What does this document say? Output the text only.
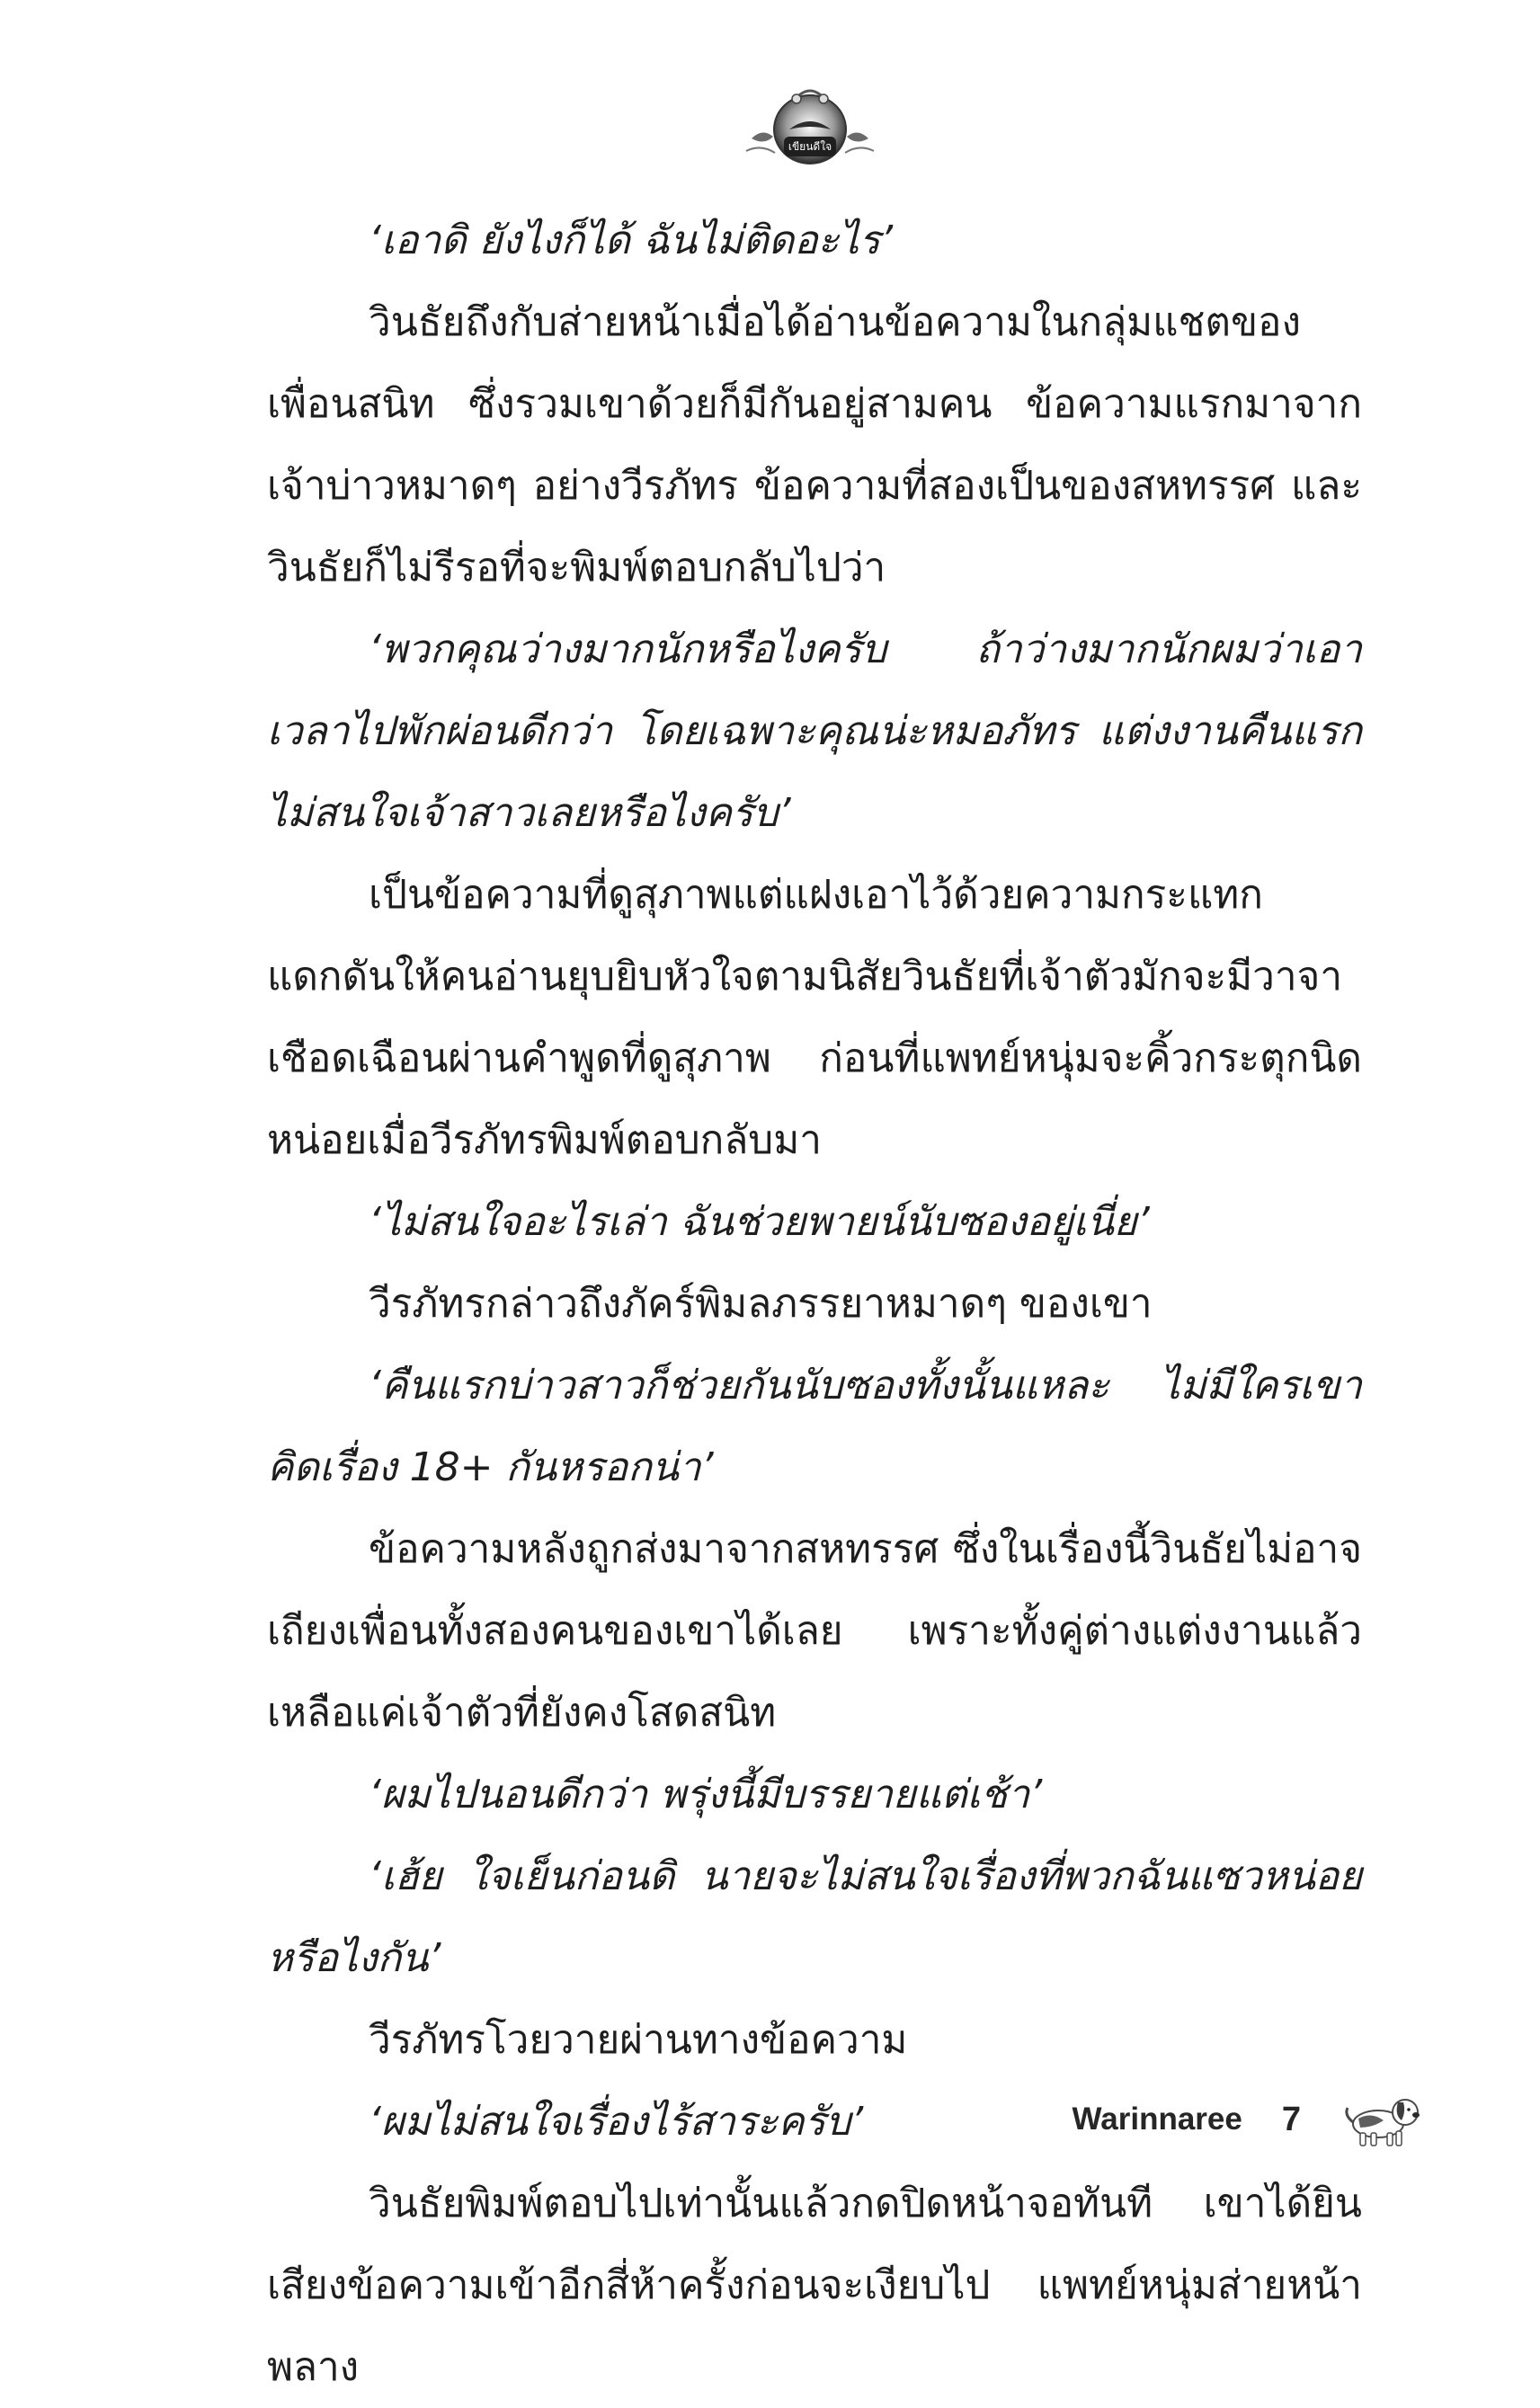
เขียนดีใจ

‘เอาดิ ยังไงก็ได้ ฉันไม่ติดอะไร’

วินธัยถึงกับส่ายหน้าเมื่อได้อ่านข้อความในกลุ่มแชตของเพื่อนสนิท ซึ่งรวมเขาด้วยก็มีกันอยู่สามคน ข้อความแรกมาจากเจ้าบ่าวหมาดๆ อย่างวีรภัทร ข้อความที่สองเป็นของสหทรรศ และวินธัยก็ไม่รีรอที่จะพิมพ์ตอบกลับไปว่า

‘พวกคุณว่างมากนักหรือไงครับ ถ้าว่างมากนักผมว่าเอาเวลาไปพักผ่อนดีกว่า โดยเฉพาะคุณน่ะหมอภัทร แต่งงานคืนแรกไม่สนใจเจ้าสาวเลยหรือไงครับ’

เป็นข้อความที่ดูสุภาพแต่แฝงเอาไว้ด้วยความกระแทกแดกดันให้คนอ่านยุบยิบหัวใจตามนิสัยวินธัยที่เจ้าตัวมักจะมีวาจาเชือดเฉือนผ่านคำพูดที่ดูสุภาพ ก่อนที่แพทย์หนุ่มจะคิ้วกระตุกนิดหน่อยเมื่อวีรภัทรพิมพ์ตอบกลับมา

‘ไม่สนใจอะไรเล่า ฉันช่วยพายน์นับซองอยู่เนี่ย’

วีรภัทรกล่าวถึงภัคร์พิมลภรรยาหมาดๆ ของเขา

‘คืนแรกบ่าวสาวก็ช่วยกันนับซองทั้งนั้นแหละ ไม่มีใครเขาคิดเรื่อง 18+ กันหรอกน่า’

ข้อความหลังถูกส่งมาจากสหทรรศ ซึ่งในเรื่องนี้วินธัยไม่อาจเถียงเพื่อนทั้งสองคนของเขาได้เลย เพราะทั้งคู่ต่างแต่งงานแล้ว เหลือแค่เจ้าตัวที่ยังคงโสดสนิท

‘ผมไปนอนดีกว่า พรุ่งนี้มีบรรยายแต่เช้า’

‘เฮ้ย ใจเย็นก่อนดิ นายจะไม่สนใจเรื่องที่พวกฉันแซวหน่อยหรือไงกัน’

วีรภัทรโวยวายผ่านทางข้อความ

‘ผมไม่สนใจเรื่องไร้สาระครับ’

วินธัยพิมพ์ตอบไปเท่านั้นแล้วกดปิดหน้าจอทันที เขาได้ยินเสียงข้อความเข้าอีกสี่ห้าครั้งก่อนจะเงียบไป แพทย์หนุ่มส่ายหน้าพลาง

Warinnaree 7
